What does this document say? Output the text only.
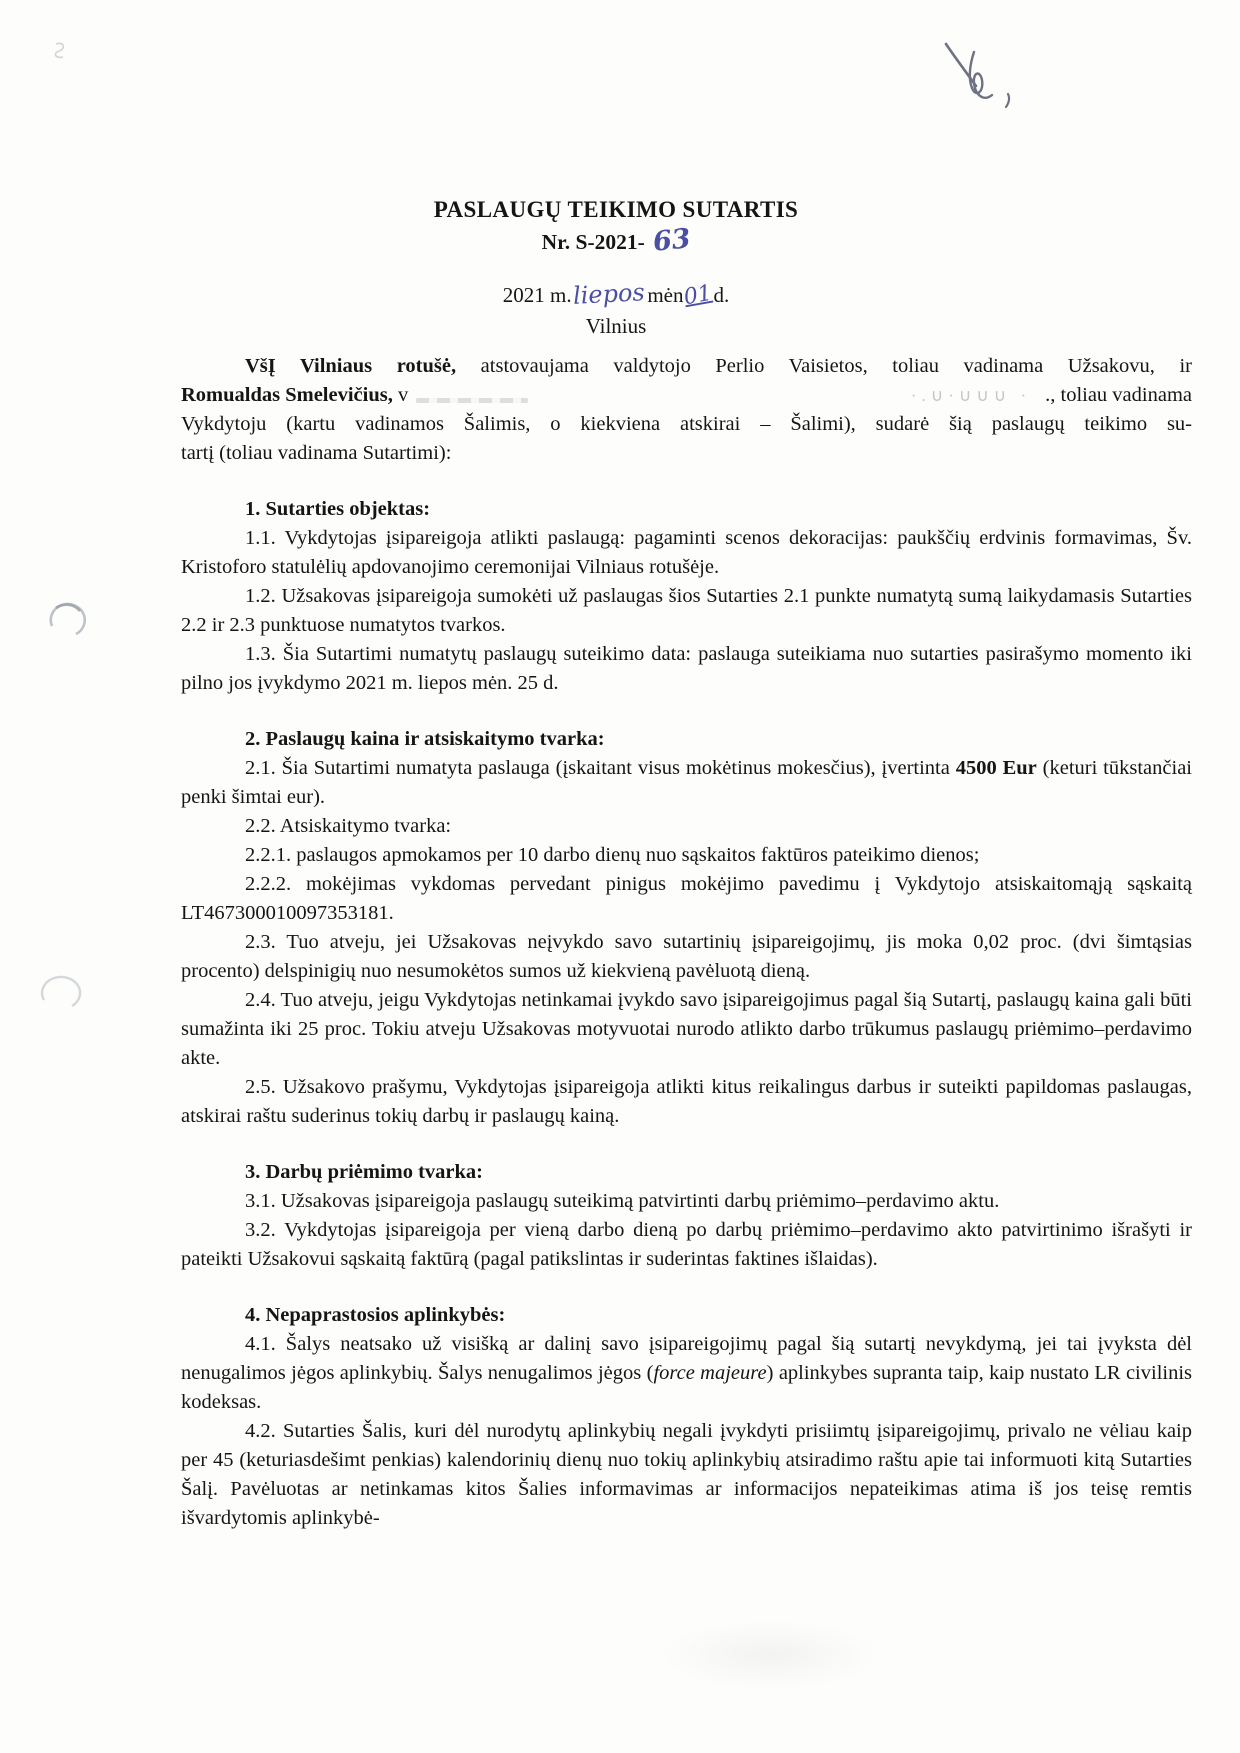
PASLAUGŲ TEIKIMO SUTARTIS
Nr. S-2021- 63
2021 m.liepos mėn01d.
Vilnius
VšĮ Vilniaus rotušė, atstovaujama valdytojo Perlio Vaisietos, toliau vadinama Užsakovu, ir
Romualdas Smelevičius, v	·.∪·∪∪∪ · ., toliau vadinama
Vykdytoju (kartu vadinamos Šalimis, o kiekviena atskirai – Šalimi), sudarė šią paslaugų teikimo su-
tartį (toliau vadinama Sutartimi):
1. Sutarties objektas:

1.1. Vykdytojas įsipareigoja atlikti paslaugą: pagaminti scenos dekoracijas: paukščių erdvinis formavimas, Šv. Kristoforo statulėlių apdovanojimo ceremonijai Vilniaus rotušėje.

1.2. Užsakovas įsipareigoja sumokėti už paslaugas šios Sutarties 2.1 punkte numatytą sumą laikydamasis Sutarties 2.2 ir 2.3 punktuose numatytos tvarkos.

1.3. Šia Sutartimi numatytų paslaugų suteikimo data: paslauga suteikiama nuo sutarties pasirašymo momento iki pilno jos įvykdymo 2021 m. liepos mėn. 25 d.

2. Paslaugų kaina ir atsiskaitymo tvarka:

2.1. Šia Sutartimi numatyta paslauga (įskaitant visus mokėtinus mokesčius), įvertinta 4500 Eur (keturi tūkstančiai penki šimtai eur).

2.2. Atsiskaitymo tvarka:

2.2.1. paslaugos apmokamos per 10 darbo dienų nuo sąskaitos faktūros pateikimo dienos;

2.2.2. mokėjimas vykdomas pervedant pinigus mokėjimo pavedimu į Vykdytojo atsiskaitomąją sąskaitą LT467300010097353181.

2.3. Tuo atveju, jei Užsakovas neįvykdo savo sutartinių įsipareigojimų, jis moka 0,02 proc. (dvi šimtąsias procento) delspinigių nuo nesumokėtos sumos už kiekvieną pavėluotą dieną.

2.4. Tuo atveju, jeigu Vykdytojas netinkamai įvykdo savo įsipareigojimus pagal šią Sutartį, paslaugų kaina gali būti sumažinta iki 25 proc. Tokiu atveju Užsakovas motyvuotai nurodo atlikto darbo trūkumus paslaugų priėmimo–perdavimo akte.

2.5. Užsakovo prašymu, Vykdytojas įsipareigoja atlikti kitus reikalingus darbus ir suteikti papildomas paslaugas, atskirai raštu suderinus tokių darbų ir paslaugų kainą.

3. Darbų priėmimo tvarka:

3.1. Užsakovas įsipareigoja paslaugų suteikimą patvirtinti darbų priėmimo–perdavimo aktu.

3.2. Vykdytojas įsipareigoja per vieną darbo dieną po darbų priėmimo–perdavimo akto patvirtinimo išrašyti ir pateikti Užsakovui sąskaitą faktūrą (pagal patikslintas ir suderintas faktines išlaidas).

4. Nepaprastosios aplinkybės:

4.1. Šalys neatsako už visišką ar dalinį savo įsipareigojimų pagal šią sutartį nevykdymą, jei tai įvyksta dėl nenugalimos jėgos aplinkybių. Šalys nenugalimos jėgos (force majeure) aplinkybes supranta taip, kaip nustato LR civilinis kodeksas.

4.2. Sutarties Šalis, kuri dėl nurodytų aplinkybių negali įvykdyti prisiimtų įsipareigojimų, privalo ne vėliau kaip per 45 (keturiasdešimt penkias) kalendorinių dienų nuo tokių aplinkybių atsiradimo raštu apie tai informuoti kitą Sutarties Šalį. Pavėluotas ar netinkamas kitos Šalies informavimas ar informacijos nepateikimas atima iš jos teisę remtis išvardytomis aplinkybė-
